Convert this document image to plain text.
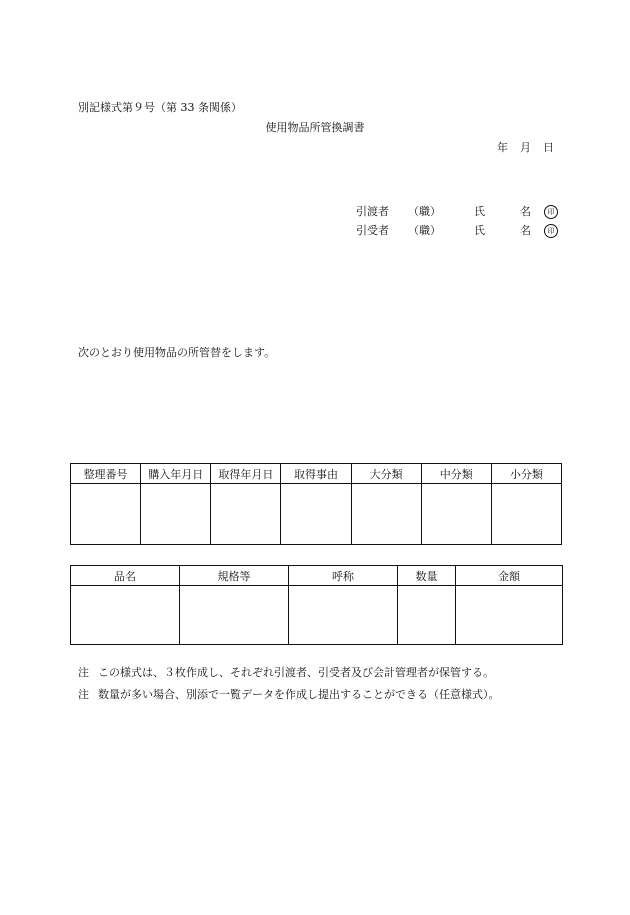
別記様式第９号（第 33 条関係）
使用物品所管換調書
年 月 日
引渡者 （職）	氏	名	印
引受者 （職）	氏	名	印
次のとおり使用物品の所管替をします。
整理番号	購入年月日	取得年月日	取得事由	大分類	中分類	小分類

品名	規格等	呼称	数量	金額

注 この様式は、３枚作成し、それぞれ引渡者、引受者及び会計管理者が保管する。
注 数量が多い場合、別添で一覧データを作成し提出することができる（任意様式）。
